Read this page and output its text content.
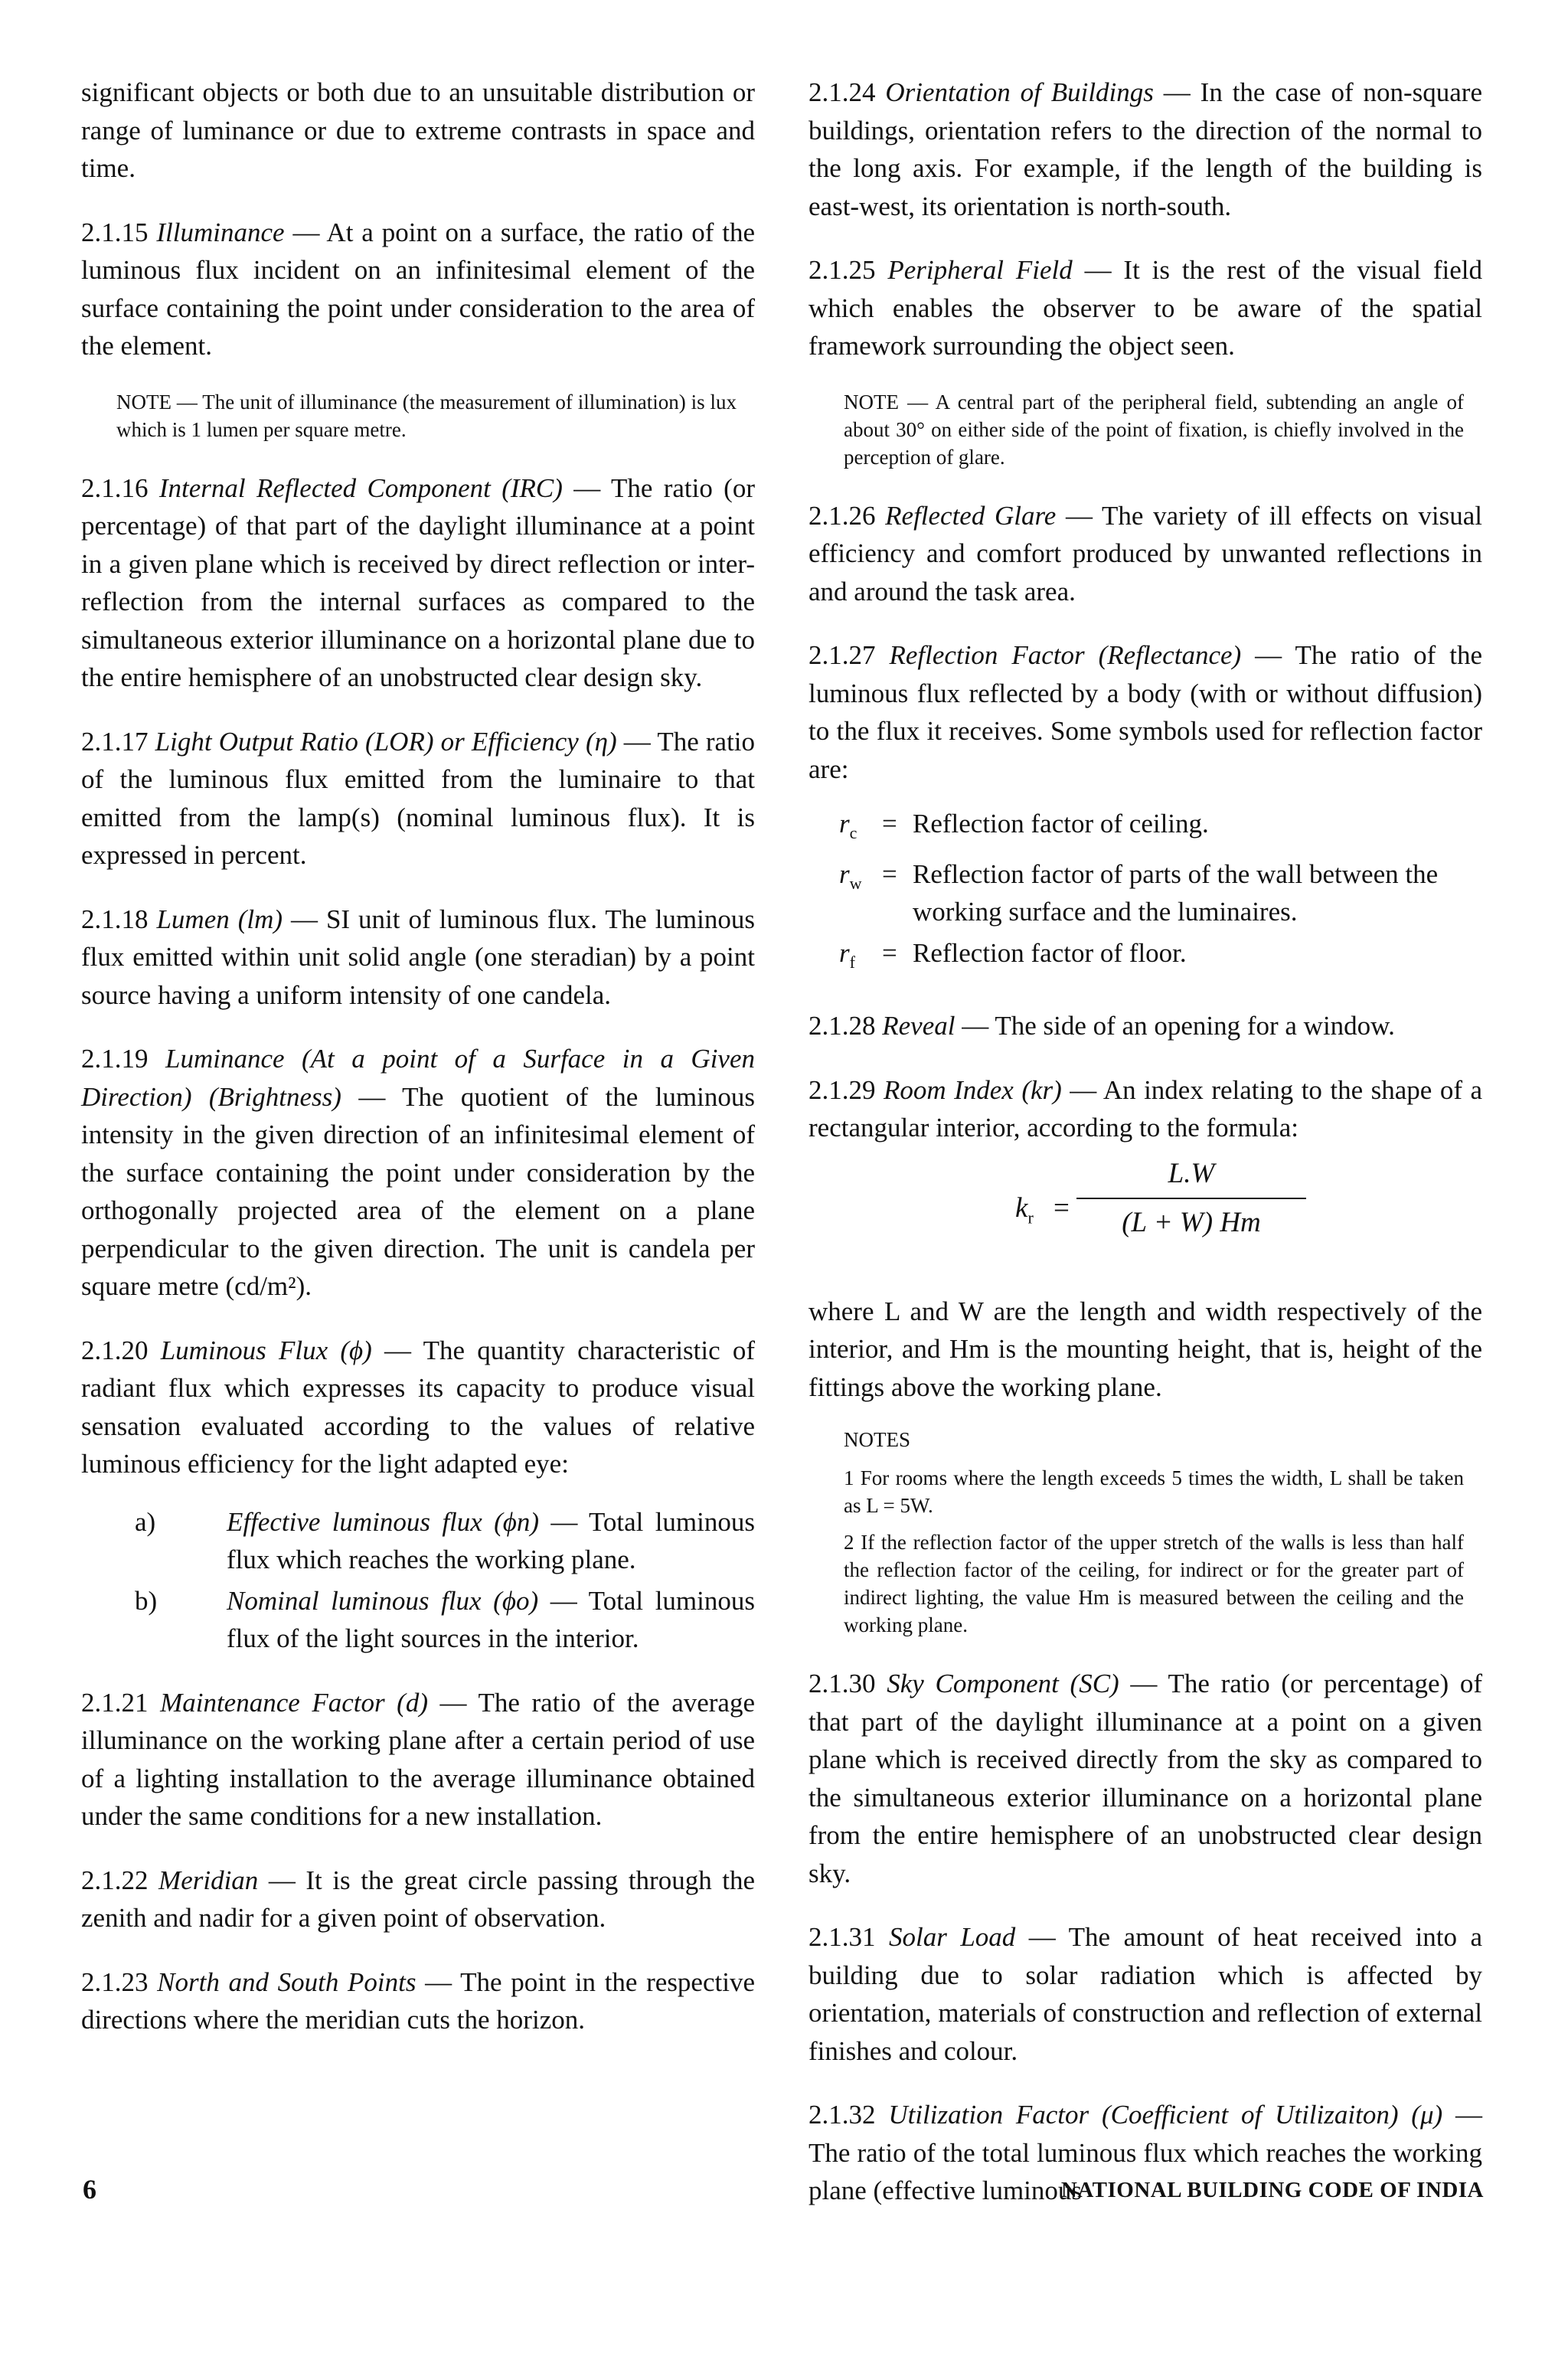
significant objects or both due to an unsuitable distribution or range of luminance or due to extreme contrasts in space and time.

2.1.15 Illuminance — At a point on a surface, the ratio of the luminous flux incident on an infinitesimal element of the surface containing the point under consideration to the area of the element.

NOTE — The unit of illuminance (the measurement of illumination) is lux which is 1 lumen per square metre.

2.1.16 Internal Reflected Component (IRC) — The ratio (or percentage) of that part of the daylight illuminance at a point in a given plane which is received by direct reflection or inter-reflection from the internal surfaces as compared to the simultaneous exterior illuminance on a horizontal plane due to the entire hemisphere of an unobstructed clear design sky.

2.1.17 Light Output Ratio (LOR) or Efficiency (η) — The ratio of the luminous flux emitted from the luminaire to that emitted from the lamp(s) (nominal luminous flux). It is expressed in percent.

2.1.18 Lumen (lm) — SI unit of luminous flux. The luminous flux emitted within unit solid angle (one steradian) by a point source having a uniform intensity of one candela.

2.1.19 Luminance (At a point of a Surface in a Given Direction) (Brightness) — The quotient of the luminous intensity in the given direction of an infinitesimal element of the surface containing the point under consideration by the orthogonally projected area of the element on a plane perpendicular to the given direction. The unit is candela per square metre (cd/m²).

2.1.20 Luminous Flux (ϕ) — The quantity characteristic of radiant flux which expresses its capacity to produce visual sensation evaluated according to the values of relative luminous efficiency for the light adapted eye:

a)	Effective luminous flux (ϕn) — Total luminous flux which reaches the working plane.
b)	Nominal luminous flux (ϕo) — Total luminous flux of the light sources in the interior.

2.1.21 Maintenance Factor (d) — The ratio of the average illuminance on the working plane after a certain period of use of a lighting installation to the average illuminance obtained under the same conditions for a new installation.

2.1.22 Meridian — It is the great circle passing through the zenith and nadir for a given point of observation.

2.1.23 North and South Points — The point in the respective directions where the meridian cuts the horizon.

2.1.24 Orientation of Buildings — In the case of non-square buildings, orientation refers to the direction of the normal to the long axis. For example, if the length of the building is east-west, its orientation is north-south.

2.1.25 Peripheral Field — It is the rest of the visual field which enables the observer to be aware of the spatial framework surrounding the object seen.

NOTE — A central part of the peripheral field, subtending an angle of about 30° on either side of the point of fixation, is chiefly involved in the perception of glare.

2.1.26 Reflected Glare — The variety of ill effects on visual efficiency and comfort produced by unwanted reflections in and around the task area.

2.1.27 Reflection Factor (Reflectance) — The ratio of the luminous flux reflected by a body (with or without diffusion) to the flux it receives. Some symbols used for reflection factor are:

$r_c$ = Reflection factor of ceiling.
$r_w$ = Reflection factor of parts of the wall between the working surface and the luminaires.
$r_f$	= Reflection factor of floor.

2.1.28 Reveal — The side of an opening for a window.

2.1.29 Room Index (kr) — An index relating to the shape of a rectangular interior, according to the formula:

$k_r$ =
L.W
(L + W) Hm

where L and W are the length and width respectively of the interior, and Hm is the mounting height, that is, height of the fittings above the working plane.

NOTES

1 For rooms where the length exceeds 5 times the width, L shall be taken as L = 5W.

2 If the reflection factor of the upper stretch of the walls is less than half the reflection factor of the ceiling, for indirect or for the greater part of indirect lighting, the value Hm is measured between the ceiling and the working plane.

2.1.30 Sky Component (SC) — The ratio (or percentage) of that part of the daylight illuminance at a point on a given plane which is received directly from the sky as compared to the simultaneous exterior illuminance on a horizontal plane from the entire hemisphere of an unobstructed clear design sky.

2.1.31 Solar Load — The amount of heat received into a building due to solar radiation which is affected by orientation, materials of construction and reflection of external finishes and colour.

2.1.32 Utilization Factor (Coefficient of Utilizaiton) (μ) — The ratio of the total luminous flux which reaches the working plane (effective luminous

6	NATIONAL BUILDING CODE OF INDIA
